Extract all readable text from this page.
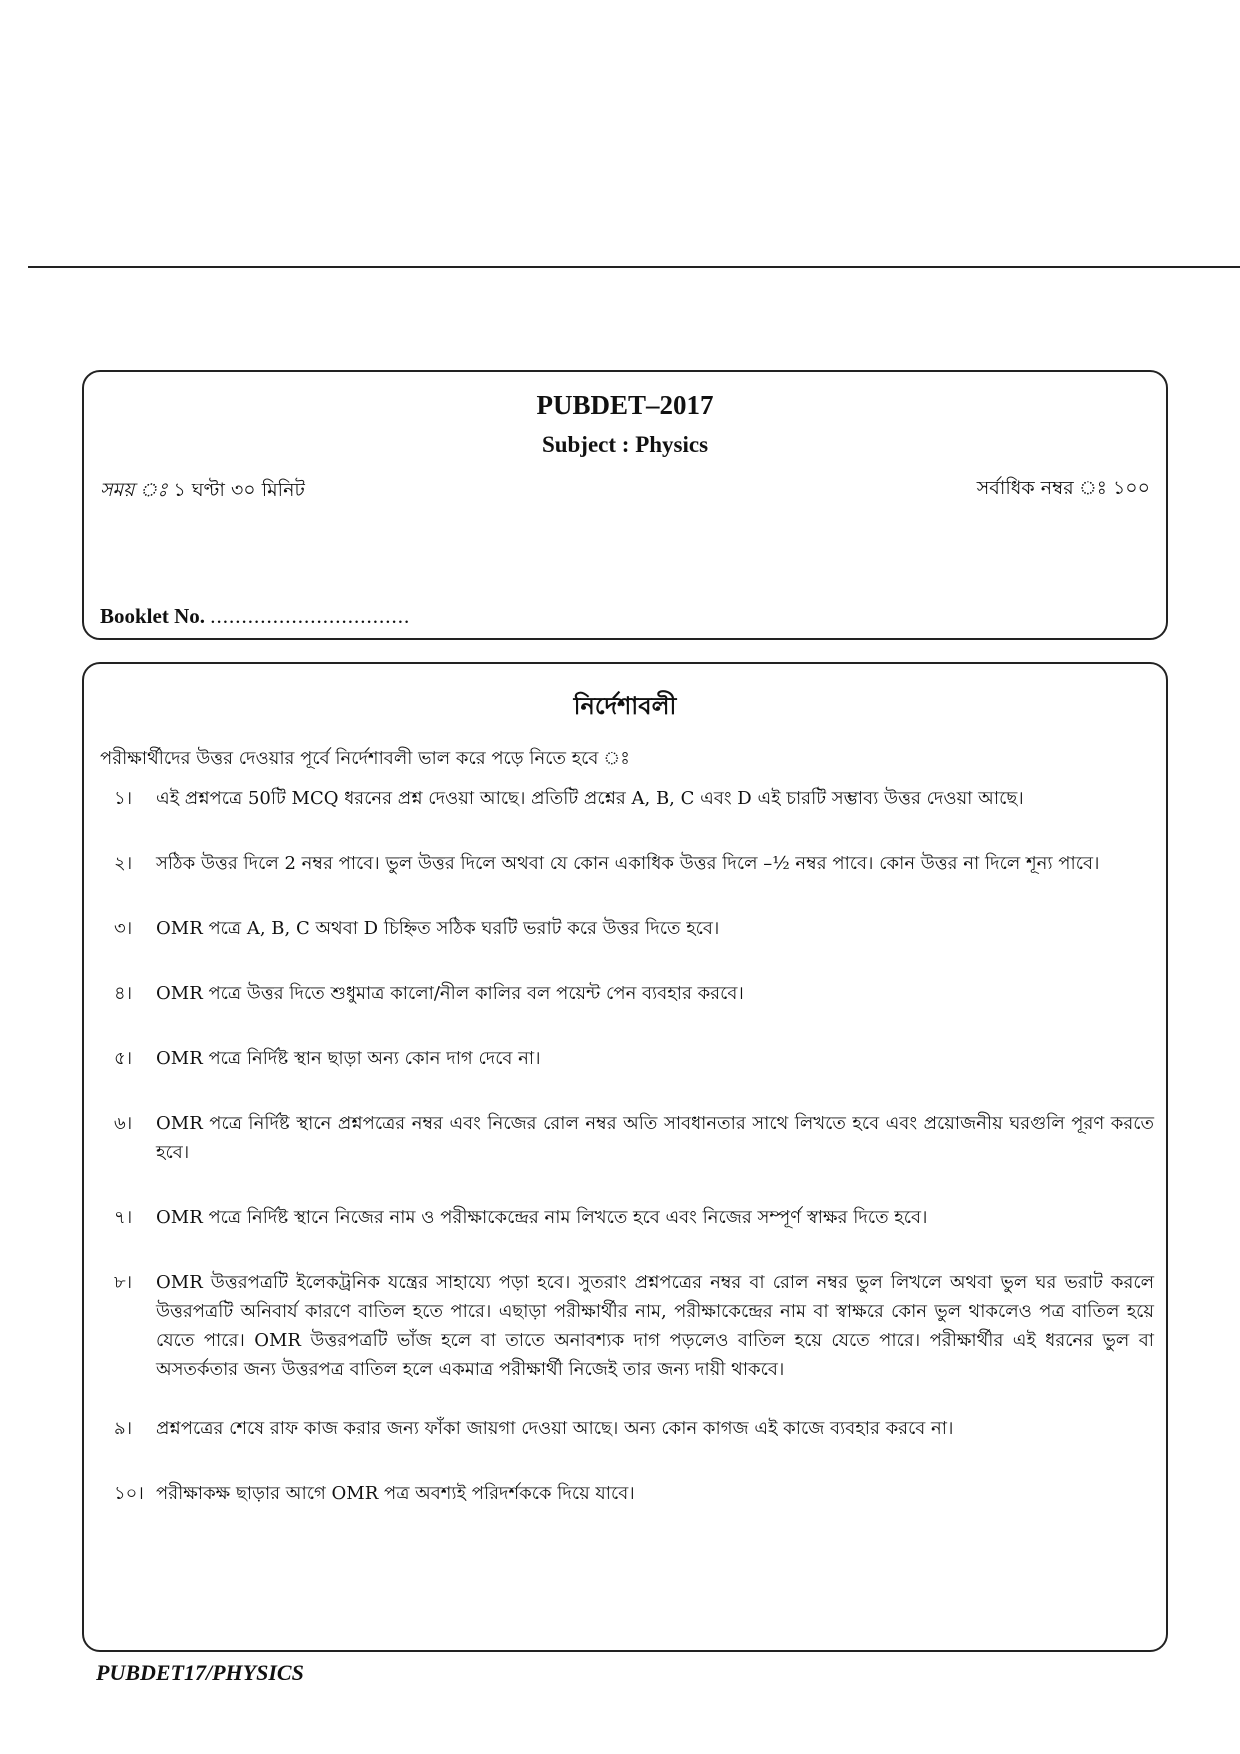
PUBDET–2017
Subject : Physics
সময় ঃ ১ ঘণ্টা ৩০ মিনিট	সর্বাধিক নম্বর ঃ ১০০
Booklet No. ................................
নির্দেশাবলী
পরীক্ষার্থীদের উত্তর দেওয়ার পূর্বে নির্দেশাবলী ভাল করে পড়ে নিতে হবে ঃ
১।	এই প্রশ্নপত্রে 50টি MCQ ধরনের প্রশ্ন দেওয়া আছে। প্রতিটি প্রশ্নের A, B, C এবং D এই চারটি সম্ভাব্য উত্তর দেওয়া আছে।
২।	সঠিক উত্তর দিলে 2 নম্বর পাবে। ভুল উত্তর দিলে অথবা যে কোন একাধিক উত্তর দিলে –½ নম্বর পাবে। কোন উত্তর না দিলে শূন্য পাবে।
৩।	OMR পত্রে A, B, C অথবা D চিহ্নিত সঠিক ঘরটি ভরাট করে উত্তর দিতে হবে।
৪।	OMR পত্রে উত্তর দিতে শুধুমাত্র কালো/নীল কালির বল পয়েন্ট পেন ব্যবহার করবে।
৫।	OMR পত্রে নির্দিষ্ট স্থান ছাড়া অন্য কোন দাগ দেবে না।
৬।	OMR পত্রে নির্দিষ্ট স্থানে প্রশ্নপত্রের নম্বর এবং নিজের রোল নম্বর অতি সাবধানতার সাথে লিখতে হবে এবং প্রয়োজনীয় ঘরগুলি পূরণ করতে হবে।
৭।	OMR পত্রে নির্দিষ্ট স্থানে নিজের নাম ও পরীক্ষাকেন্দ্রের নাম লিখতে হবে এবং নিজের সম্পূর্ণ স্বাক্ষর দিতে হবে।
৮।	OMR উত্তরপত্রটি ইলেকট্রনিক যন্ত্রের সাহায্যে পড়া হবে। সুতরাং প্রশ্নপত্রের নম্বর বা রোল নম্বর ভুল লিখলে অথবা ভুল ঘর ভরাট করলে উত্তরপত্রটি অনিবার্য কারণে বাতিল হতে পারে। এছাড়া পরীক্ষার্থীর নাম, পরীক্ষাকেন্দ্রের নাম বা স্বাক্ষরে কোন ভুল থাকলেও পত্র বাতিল হয়ে যেতে পারে। OMR উত্তরপত্রটি ভাঁজ হলে বা তাতে অনাবশ্যক দাগ পড়লেও বাতিল হয়ে যেতে পারে। পরীক্ষার্থীর এই ধরনের ভুল বা অসতর্কতার জন্য উত্তরপত্র বাতিল হলে একমাত্র পরীক্ষার্থী নিজেই তার জন্য দায়ী থাকবে।
৯।	প্রশ্নপত্রের শেষে রাফ কাজ করার জন্য ফাঁকা জায়গা দেওয়া আছে। অন্য কোন কাগজ এই কাজে ব্যবহার করবে না।
১০। পরীক্ষাকক্ষ ছাড়ার আগে OMR পত্র অবশ্যই পরিদর্শককে দিয়ে যাবে।
PUBDET17/PHYSICS
